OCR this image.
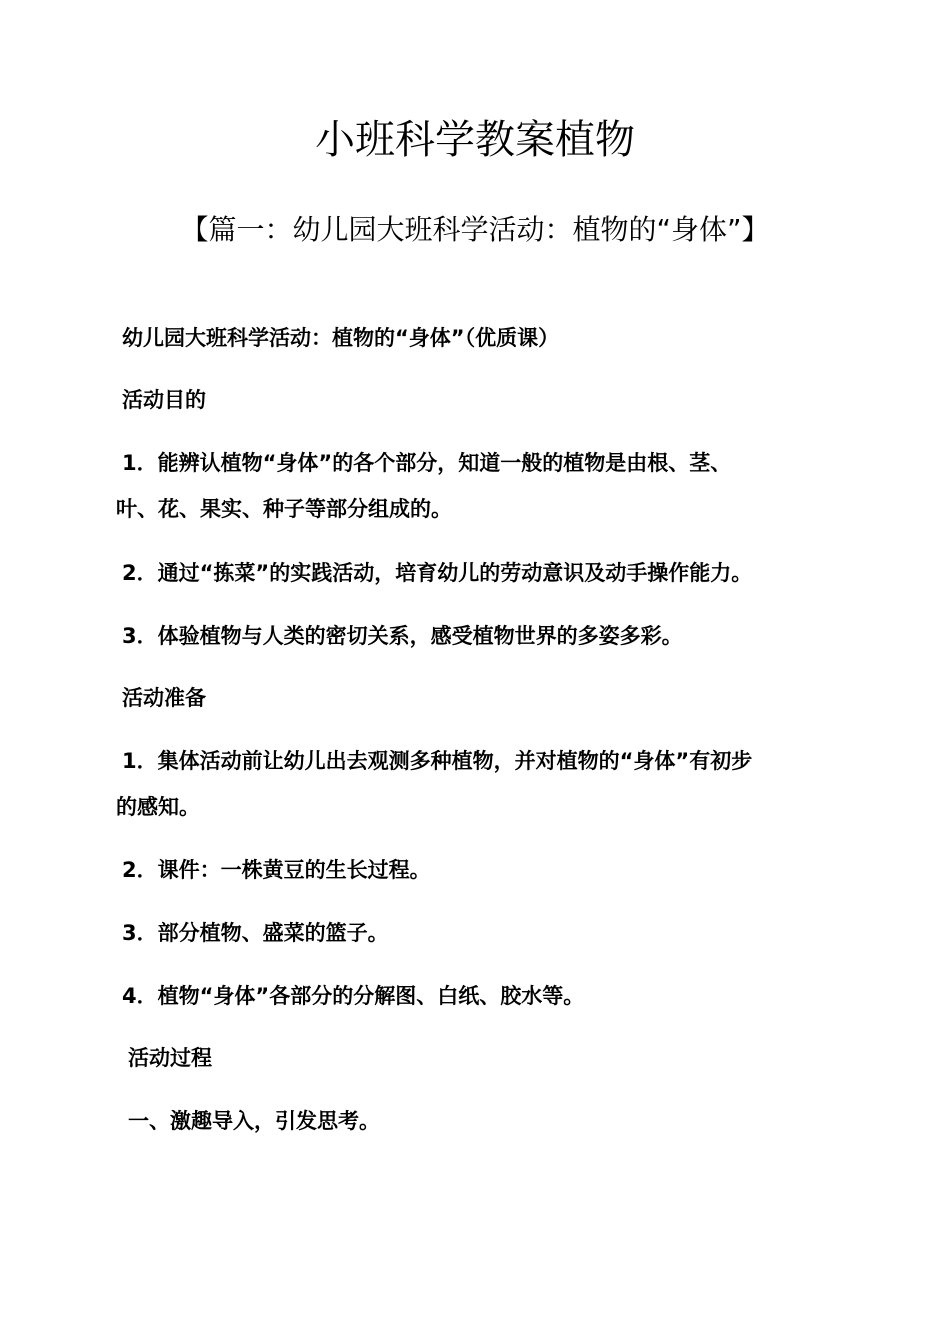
小班科学教案植物
【篇一：幼儿园大班科学活动：植物的“身体”】

幼儿园大班科学活动：植物的“身体”（优质课）

活动目的

1．能辨认植物“身体”的各个部分，知道一般的植物是由根、茎、

叶、花、果实、种子等部分组成的。

2．通过“拣菜”的实践活动，培育幼儿的劳动意识及动手操作能力。

3．体验植物与人类的密切关系，感受植物世界的多姿多彩。

活动准备

1．集体活动前让幼儿出去观测多种植物，并对植物的“身体”有初步

的感知。

2．课件：一株黄豆的生长过程。

3．部分植物、盛菜的篮子。

4．植物“身体”各部分的分解图、白纸、胶水等。

活动过程

一、激趣导入，引发思考。
